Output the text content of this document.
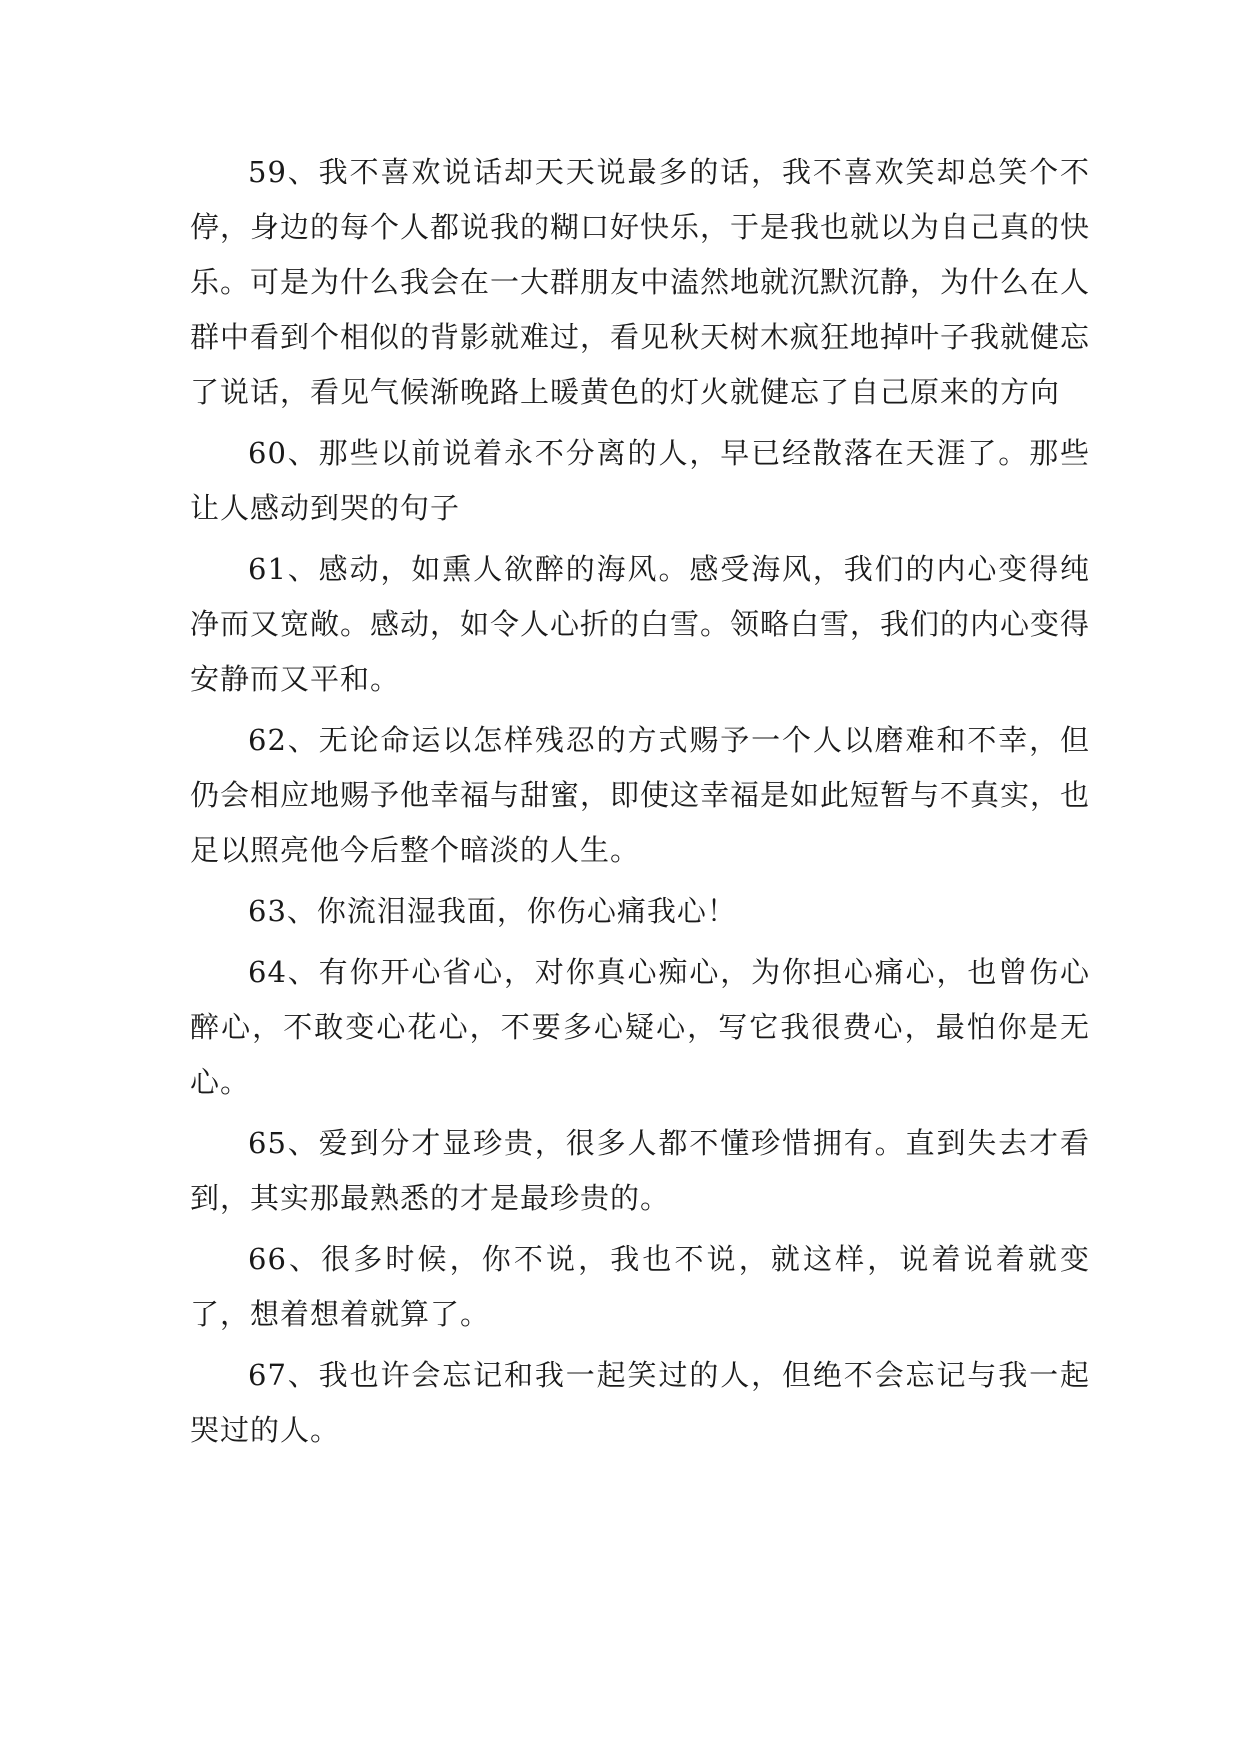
59、我不喜欢说话却天天说最多的话，我不喜欢笑却总笑个不停，身边的每个人都说我的糊口好快乐，于是我也就以为自己真的快乐。可是为什么我会在一大群朋友中溘然地就沉默沉静，为什么在人群中看到个相似的背影就难过，看见秋天树木疯狂地掉叶子我就健忘了说话，看见气候渐晚路上暖黄色的灯火就健忘了自己原来的方向

60、那些以前说着永不分离的人，早已经散落在天涯了。那些让人感动到哭的句子

61、感动，如熏人欲醉的海风。感受海风，我们的内心变得纯净而又宽敞。感动，如令人心折的白雪。领略白雪，我们的内心变得安静而又平和。

62、无论命运以怎样残忍的方式赐予一个人以磨难和不幸，但仍会相应地赐予他幸福与甜蜜，即使这幸福是如此短暂与不真实，也足以照亮他今后整个暗淡的人生。

63、你流泪湿我面，你伤心痛我心！

64、有你开心省心，对你真心痴心，为你担心痛心，也曾伤心醉心，不敢变心花心，不要多心疑心，写它我很费心，最怕你是无心。

65、爱到分才显珍贵，很多人都不懂珍惜拥有。直到失去才看到，其实那最熟悉的才是最珍贵的。

66、很多时候，你不说，我也不说，就这样，说着说着就变了，想着想着就算了。

67、我也许会忘记和我一起笑过的人，但绝不会忘记与我一起哭过的人。
